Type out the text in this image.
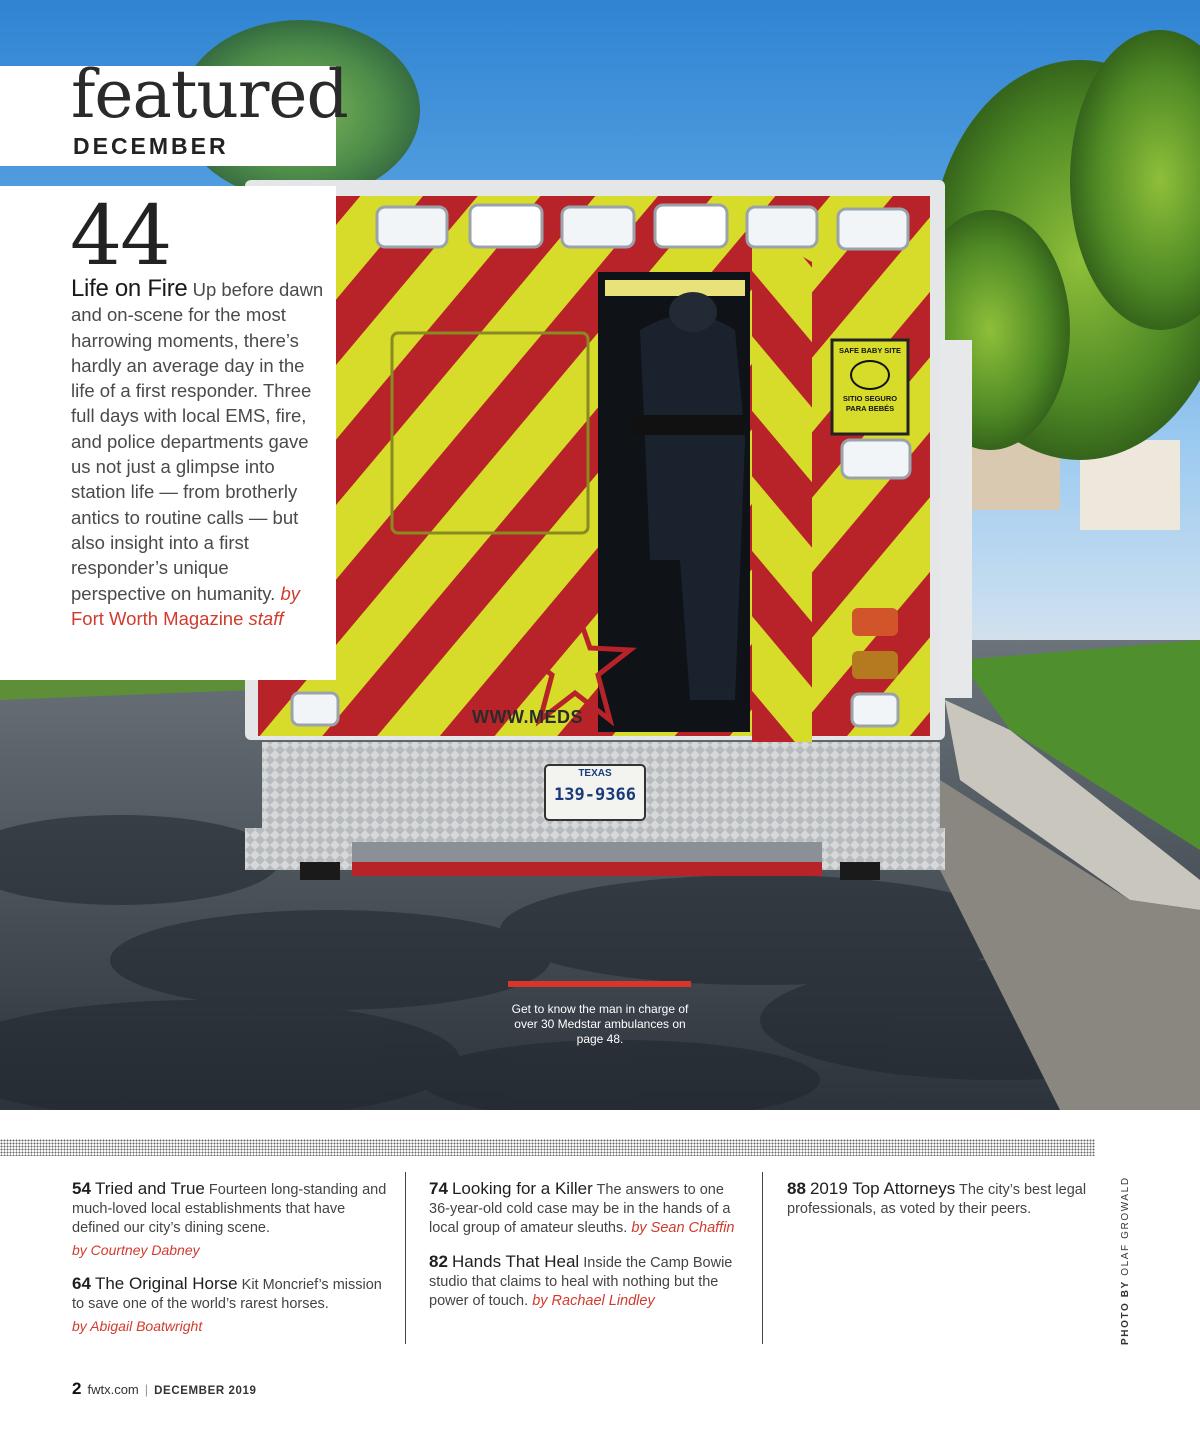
TEXAS
139-9366
WWW.MEDS
SAFE BABY SITE
SITIO SEGURO
PARA BEBÉS
featured
DECEMBER
44
Life on Fire Up before dawn and on-scene for the most harrowing moments, there’s hardly an average day in the life of a first responder. Three full days with local EMS, fire, and police departments gave us not just a glimpse into station life — from brotherly antics to routine calls — but also insight into a first responder’s unique perspective on humanity. by Fort Worth Magazine staff
Get to know the man in charge of over 30 Medstar ambulances on page 48.
54 Tried and True Fourteen long-standing and much-loved local establishments that have defined our city’s dining scene.
by Courtney Dabney
64 The Original Horse Kit Moncrief’s mission to save one of the world’s rarest horses.
by Abigail Boatwright
74 Looking for a Killer The answers to one 36-year-old cold case may be in the hands of a local group of amateur sleuths. by Sean Chaffin
82 Hands That Heal Inside the Camp Bowie studio that claims to heal with nothing but the power of touch. by Rachael Lindley
88 2019 Top Attorneys The city’s best legal professionals, as voted by their peers.
PHOTO BY OLAF GROWALD
2 fwtx.com | DECEMBER 2019
